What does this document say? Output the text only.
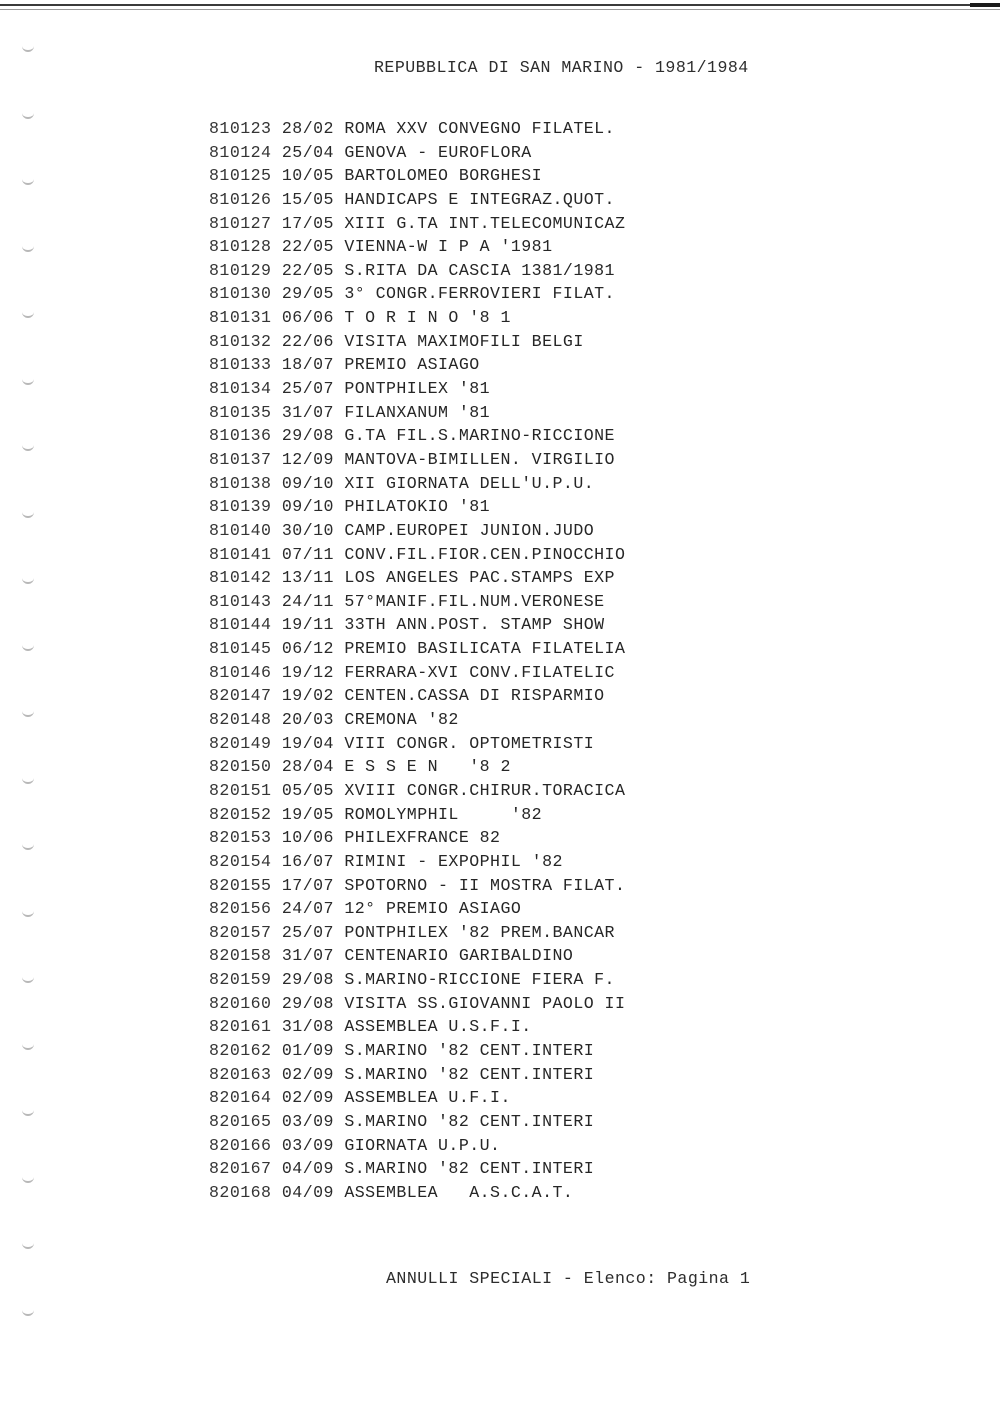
REPUBBLICA DI SAN MARINO - 1981/1984
810123 28/02 ROMA XXV CONVEGNO FILATEL.
810124 25/04 GENOVA - EUROFLORA
810125 10/05 BARTOLOMEO BORGHESI
810126 15/05 HANDICAPS E INTEGRAZ.QUOT.
810127 17/05 XIII G.TA INT.TELECOMUNICAZ
810128 22/05 VIENNA-W I P A '1981
810129 22/05 S.RITA DA CASCIA 1381/1981
810130 29/05 3° CONGR.FERROVIERI FILAT.
810131 06/06 T O R I N O '8 1
810132 22/06 VISITA MAXIMOFILI BELGI
810133 18/07 PREMIO ASIAGO
810134 25/07 PONTPHILEX '81
810135 31/07 FILANXANUM '81
810136 29/08 G.TA FIL.S.MARINO-RICCIONE
810137 12/09 MANTOVA-BIMILLEN. VIRGILIO
810138 09/10 XII GIORNATA DELL'U.P.U.
810139 09/10 PHILATOKIO '81
810140 30/10 CAMP.EUROPEI JUNION.JUDO
810141 07/11 CONV.FIL.FIOR.CEN.PINOCCHIO
810142 13/11 LOS ANGELES PAC.STAMPS EXP
810143 24/11 57°MANIF.FIL.NUM.VERONESE
810144 19/11 33TH ANN.POST. STAMP SHOW
810145 06/12 PREMIO BASILICATA FILATELIA
810146 19/12 FERRARA-XVI CONV.FILATELIC
820147 19/02 CENTEN.CASSA DI RISPARMIO
820148 20/03 CREMONA '82
820149 19/04 VIII CONGR. OPTOMETRISTI
820150 28/04 E S S E N   '8 2
820151 05/05 XVIII CONGR.CHIRUR.TORACICA
820152 19/05 ROMOLYMPHIL     '82
820153 10/06 PHILEXFRANCE 82
820154 16/07 RIMINI - EXPOPHIL '82
820155 17/07 SPOTORNO - II MOSTRA FILAT.
820156 24/07 12° PREMIO ASIAGO
820157 25/07 PONTPHILEX '82 PREM.BANCAR
820158 31/07 CENTENARIO GARIBALDINO
820159 29/08 S.MARINO-RICCIONE FIERA F.
820160 29/08 VISITA SS.GIOVANNI PAOLO II
820161 31/08 ASSEMBLEA U.S.F.I.
820162 01/09 S.MARINO '82 CENT.INTERI
820163 02/09 S.MARINO '82 CENT.INTERI
820164 02/09 ASSEMBLEA U.F.I.
820165 03/09 S.MARINO '82 CENT.INTERI
820166 03/09 GIORNATA U.P.U.
820167 04/09 S.MARINO '82 CENT.INTERI
820168 04/09 ASSEMBLEA   A.S.C.A.T.
ANNULLI SPECIALI - Elenco: Pagina 1
